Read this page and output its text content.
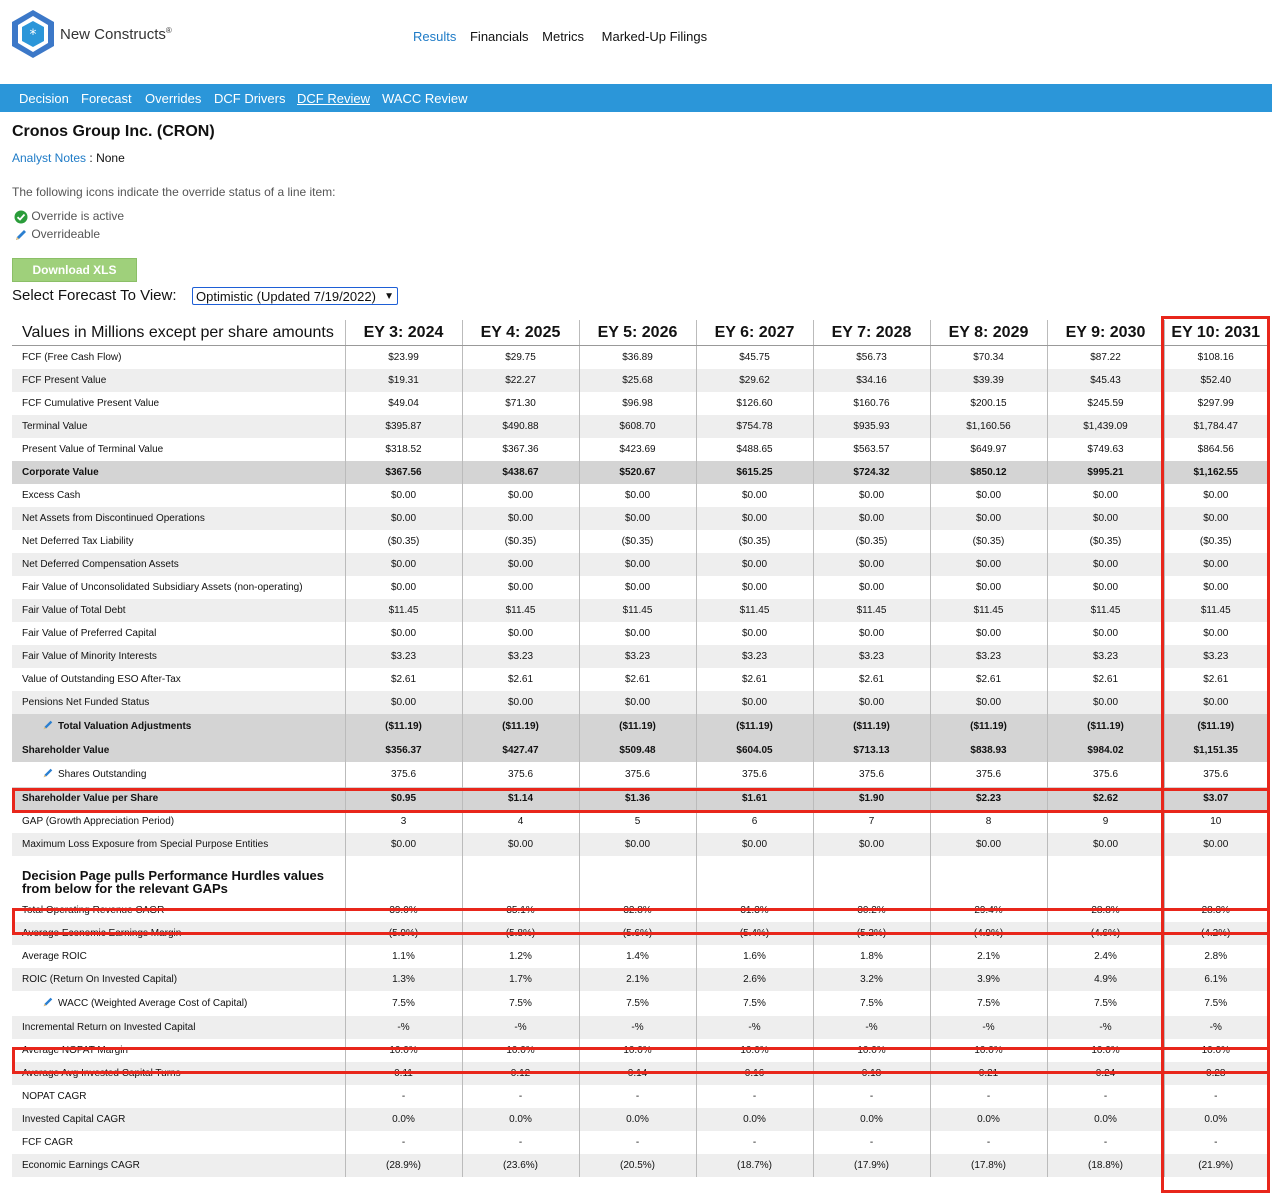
* New Constructs®	Results Financials Metrics Marked-Up Filings
Decision Forecast Overrides DCF Drivers DCF Review WACC Review
Cronos Group Inc. (CRON)
Analyst Notes : None
The following icons indicate the override status of a line item:
Override is active
Overrideable
Download XLS
Select Forecast To View:	Optimistic (Updated 7/19/2022) ▼
Values in Millions except per share amounts	EY 3: 2024	EY 4: 2025	EY 5: 2026	EY 6: 2027	EY 7: 2028	EY 8: 2029	EY 9: 2030	EY 10: 2031
FCF (Free Cash Flow)	$23.99	$29.75	$36.89	$45.75	$56.73	$70.34	$87.22	$108.16
FCF Present Value	$19.31	$22.27	$25.68	$29.62	$34.16	$39.39	$45.43	$52.40
FCF Cumulative Present Value	$49.04	$71.30	$96.98	$126.60	$160.76	$200.15	$245.59	$297.99
Terminal Value	$395.87	$490.88	$608.70	$754.78	$935.93	$1,160.56	$1,439.09	$1,784.47
Present Value of Terminal Value	$318.52	$367.36	$423.69	$488.65	$563.57	$649.97	$749.63	$864.56
Corporate Value	$367.56	$438.67	$520.67	$615.25	$724.32	$850.12	$995.21	$1,162.55
Excess Cash	$0.00	$0.00	$0.00	$0.00	$0.00	$0.00	$0.00	$0.00
Net Assets from Discontinued Operations	$0.00	$0.00	$0.00	$0.00	$0.00	$0.00	$0.00	$0.00
Net Deferred Tax Liability	($0.35)	($0.35)	($0.35)	($0.35)	($0.35)	($0.35)	($0.35)	($0.35)
Net Deferred Compensation Assets	$0.00	$0.00	$0.00	$0.00	$0.00	$0.00	$0.00	$0.00
Fair Value of Unconsolidated Subsidiary Assets (non-operating)	$0.00	$0.00	$0.00	$0.00	$0.00	$0.00	$0.00	$0.00
Fair Value of Total Debt	$11.45	$11.45	$11.45	$11.45	$11.45	$11.45	$11.45	$11.45
Fair Value of Preferred Capital	$0.00	$0.00	$0.00	$0.00	$0.00	$0.00	$0.00	$0.00
Fair Value of Minority Interests	$3.23	$3.23	$3.23	$3.23	$3.23	$3.23	$3.23	$3.23
Value of Outstanding ESO After-Tax	$2.61	$2.61	$2.61	$2.61	$2.61	$2.61	$2.61	$2.61
Pensions Net Funded Status	$0.00	$0.00	$0.00	$0.00	$0.00	$0.00	$0.00	$0.00
Total Valuation Adjustments	($11.19)	($11.19)	($11.19)	($11.19)	($11.19)	($11.19)	($11.19)	($11.19)
Shareholder Value	$356.37	$427.47	$509.48	$604.05	$713.13	$838.93	$984.02	$1,151.35
Shares Outstanding	375.6	375.6	375.6	375.6	375.6	375.6	375.6	375.6
Shareholder Value per Share	$0.95	$1.14	$1.36	$1.61	$1.90	$2.23	$2.62	$3.07
GAP (Growth Appreciation Period)	3	4	5	6	7	8	9	10
Maximum Loss Exposure from Special Purpose Entities	$0.00	$0.00	$0.00	$0.00	$0.00	$0.00	$0.00	$0.00
Decision Page pulls Performance Hurdles values from below for the relevant GAPs								
Total Operating Revenue CAGR	39.0%	35.1%	32.8%	31.3%	30.2%	29.4%	28.8%	28.3%
Average Economic Earnings Margin	(5.9%)	(5.8%)	(5.6%)	(5.4%)	(5.2%)	(4.9%)	(4.6%)	(4.2%)
Average ROIC	1.1%	1.2%	1.4%	1.6%	1.8%	2.1%	2.4%	2.8%
ROIC (Return On Invested Capital)	1.3%	1.7%	2.1%	2.6%	3.2%	3.9%	4.9%	6.1%
WACC (Weighted Average Cost of Capital)	7.5%	7.5%	7.5%	7.5%	7.5%	7.5%	7.5%	7.5%
Incremental Return on Invested Capital	-%	-%	-%	-%	-%	-%	-%	-%
Average NOPAT Margin	10.0%	10.0%	10.0%	10.0%	10.0%	10.0%	10.0%	10.0%
Average Avg Invested Capital Turns	0.11	0.12	0.14	0.16	0.18	0.21	0.24	0.28
NOPAT CAGR	-	-	-	-	-	-	-	-
Invested Capital CAGR	0.0%	0.0%	0.0%	0.0%	0.0%	0.0%	0.0%	0.0%
FCF CAGR	-	-	-	-	-	-	-	-
Economic Earnings CAGR	(28.9%)	(23.6%)	(20.5%)	(18.7%)	(17.9%)	(17.8%)	(18.8%)	(21.9%)
